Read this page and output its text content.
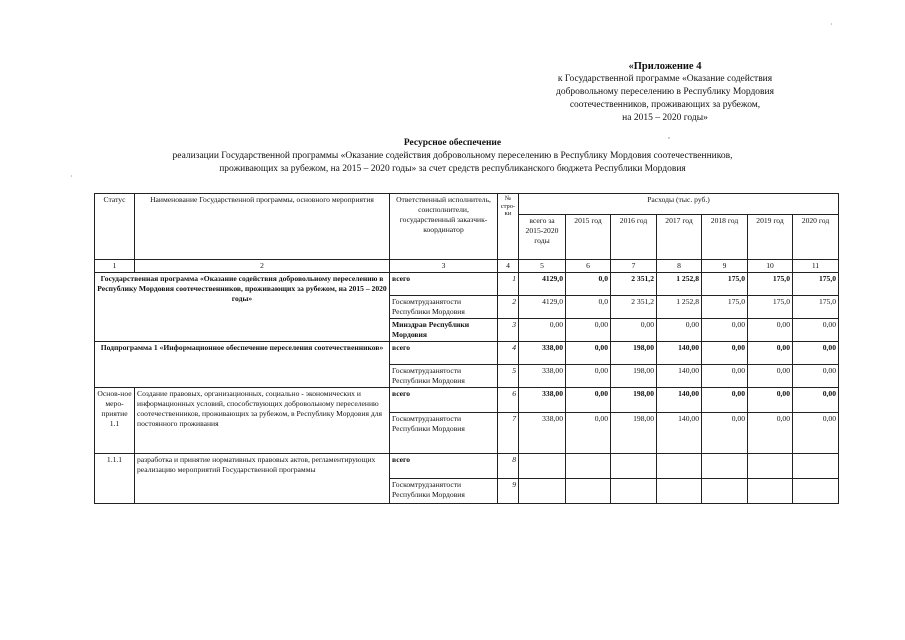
«Приложение 4
к Государственной программе «Оказание содействия
добровольному переселению в Республику Мордовия
соотечественников, проживающих за рубежом,
на 2015 – 2020 годы»
·
,
·
Ресурсное обеспечение
реализации Государственной программы «Оказание содействия добровольному переселению в Республику Мордовия соотечественников,
проживающих за рубежом, на 2015 – 2020 годы» за счет средств республиканского бюджета Республики Мордовия
Статус	Наименование Государственной программы, основного мероприятия	Ответственный исполнитель, соисполнители, государственный заказчик-координатор	№ стро-ки	Расходы (тыс. руб.)						
				всего за 2015-2020 годы	2015 год	2016 год	2017 год	2018 год	2019 год	2020 год
1	2	3	4	5	6	7	8	9	10	11
Государственная программа «Оказание содействия добровольному переселению в Республику Мордовия соотечественников, проживающих за рубежом, на 2015 – 2020 годы»		всего	1	4129,0	0,0	2 351,2	1 252,8	175,0	175,0	175,0
		Госкомтрудзанятости Республики Мордовия	2	4129,0	0,0	2 351,2	1 252,8	175,0	175,0	175,0
		Минздрав Республики Мордовия	3	0,00	0,00	0,00	0,00	0,00	0,00	0,00
Подпрограмма 1 «Информационное обеспечение переселения соотечественников»		всего	4	338,00	0,00	198,00	140,00	0,00	0,00	0,00
		Госкомтрудзанятости Республики Мордовия	5	338,00	0,00	198,00	140,00	0,00	0,00	0,00
Основ-ное меро-приятие 1.1	Создание правовых, организационных, социально - экономических и информационных условий, способствующих добровольному переселению соотечественников, проживающих за рубежом, в Республику Мордовия для постоянного проживания	всего	6	338,00	0,00	198,00	140,00	0,00	0,00	0,00
		Госкомтрудзанятости Республики Мордовия	7	338,00	0,00	198,00	140,00	0,00	0,00	0,00
1.1.1	разработка и принятие нормативных правовых актов, регламентирующих реализацию мероприятий Государственной программы	всего	8							
		Госкомтрудзанятости Республики Мордовия	9							
